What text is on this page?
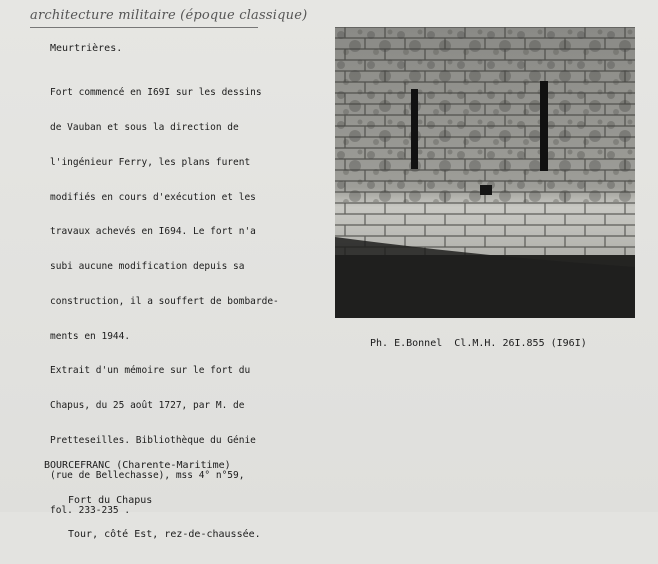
architecture militaire (époque classique)
Meurtrières.

Fort commencé en I69I sur les dessins

de Vauban et sous la direction de

l'ingénieur Ferry, les plans furent

modifiés en cours d'exécution et les

travaux achevés en I694. Le fort n'a

subi aucune modification depuis sa

construction, il a souffert de bombarde-

ments en 1944.

Extrait d'un mémoire sur le fort du

Chapus, du 25 août 1727, par M. de

Pretteseilles. Bibliothèque du Génie

(rue de Bellechasse), mss 4° n°59,

fol. 233-235 .

Ph. E.Bonnel  Cl.M.H. 26I.855 (I96I)

BOURCEFRANC (Charente-Maritime)

Fort du Chapus

Tour, côté Est, rez-de-chaussée.
